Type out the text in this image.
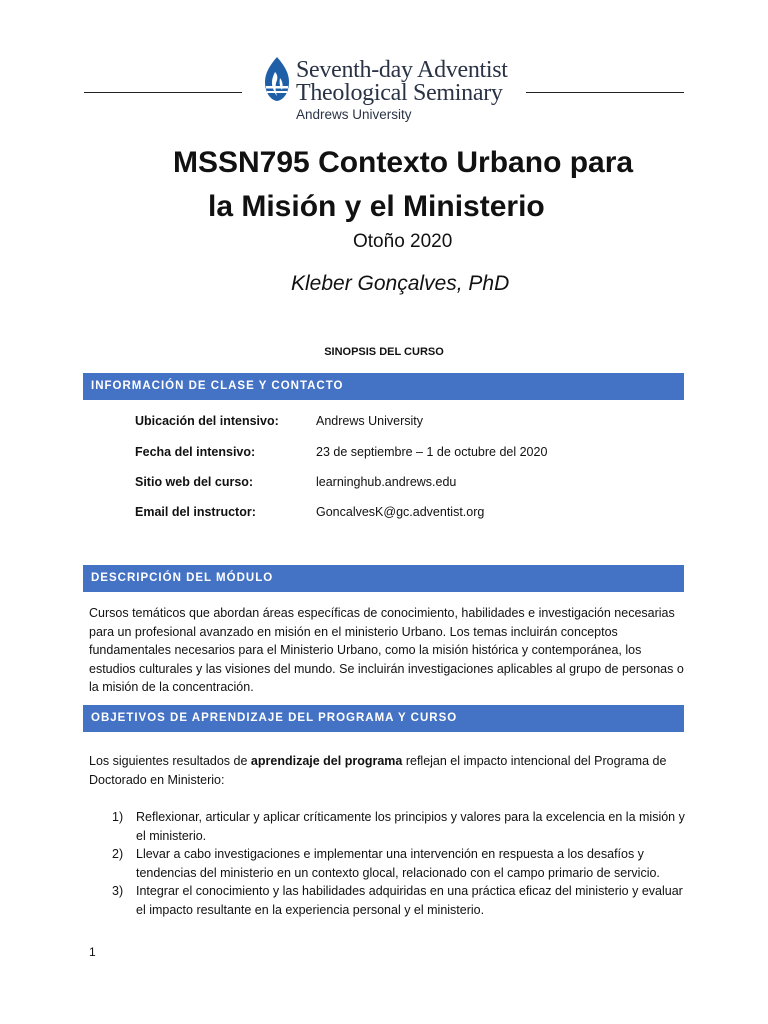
Seventh-day Adventist
Theological Seminary
Andrews University
MSSN795 Contexto Urbano para
la Misión y el Ministerio
Otoño 2020
Kleber Gonçalves, PhD
SINOPSIS DEL CURSO
INFORMACIÓN DE CLASE Y CONTACTO
Ubicación del intensivo:	Andrews University
Fecha del intensivo:	23 de septiembre – 1 de octubre del 2020
Sitio web del curso:	learninghub.andrews.edu
Email del instructor:	GoncalvesK@gc.adventist.org
DESCRIPCIÓN DEL MÓDULO
Cursos temáticos que abordan áreas específicas de conocimiento, habilidades e investigación necesarias para un profesional avanzado en misión en el ministerio Urbano. Los temas incluirán conceptos fundamentales necesarios para el Ministerio Urbano, como la misión histórica y contemporánea, los estudios culturales y las visiones del mundo. Se incluirán investigaciones aplicables al grupo de personas o la misión de la concentración.
OBJETIVOS DE APRENDIZAJE DEL PROGRAMA Y CURSO
Los siguientes resultados de aprendizaje del programa reflejan el impacto intencional del Programa de Doctorado en Ministerio:
1) Reflexionar, articular y aplicar críticamente los principios y valores para la excelencia en la misión y el ministerio.
2) Llevar a cabo investigaciones e implementar una intervención en respuesta a los desafíos y tendencias del ministerio en un contexto glocal, relacionado con el campo primario de servicio.
3) Integrar el conocimiento y las habilidades adquiridas en una práctica eficaz del ministerio y evaluar el impacto resultante en la experiencia personal y el ministerio.
1
